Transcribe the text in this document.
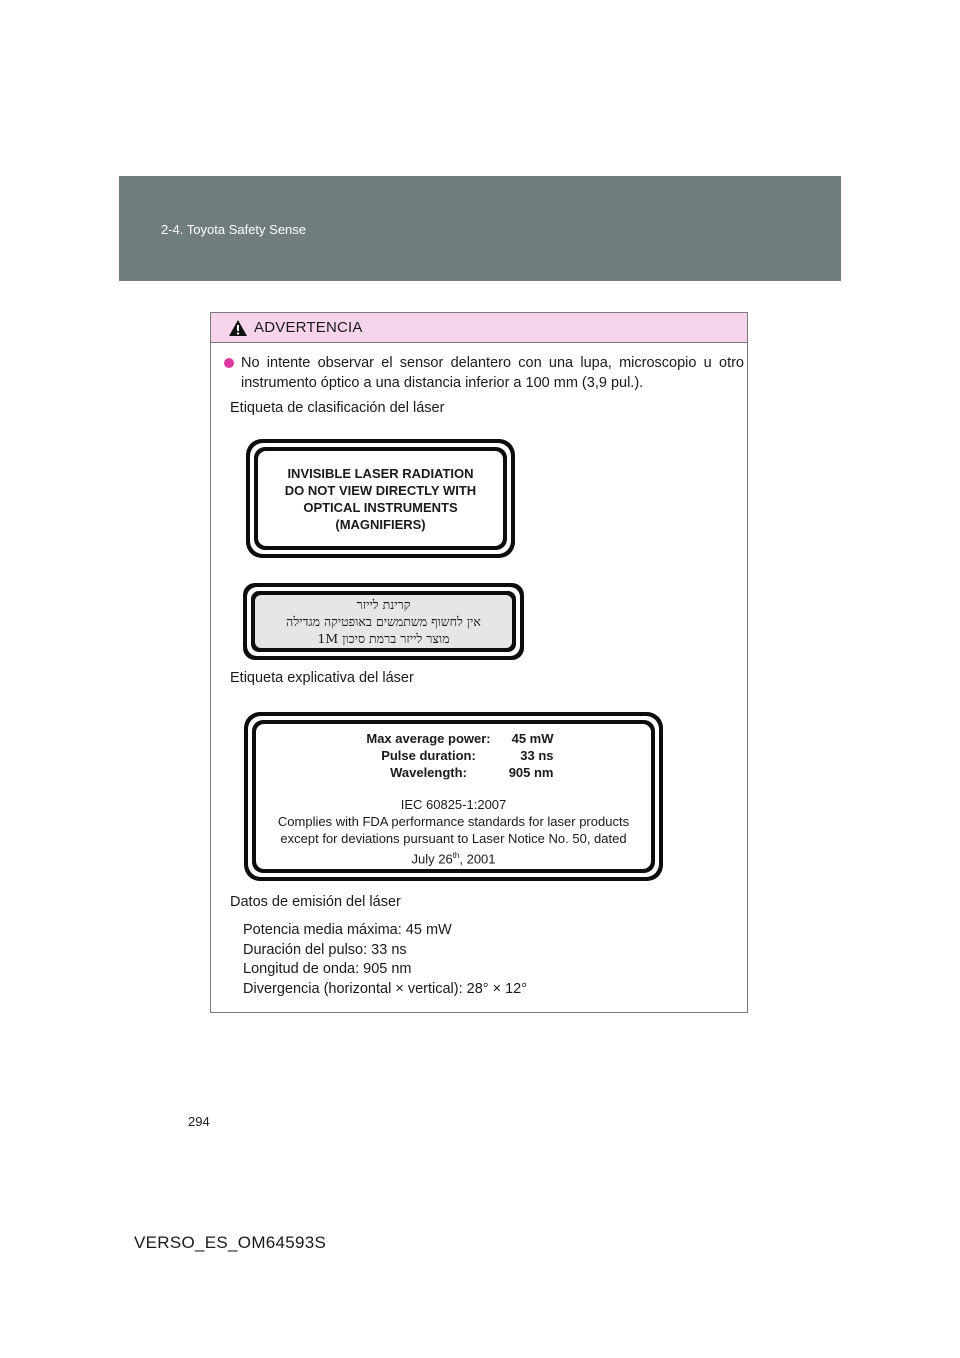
2-4. Toyota Safety Sense
ADVERTENCIA
No intente observar el sensor delantero con una lupa, microscopio u otro instrumento óptico a una distancia inferior a 100 mm (3,9 pul.).
Etiqueta de clasificación del láser
INVISIBLE LASER RADIATION
DO NOT VIEW DIRECTLY WITH
OPTICAL INSTRUMENTS
(MAGNIFIERS)
קרינת לייזר
אין לחשוף משתמשים באופטיקה מגדילה
מוצר לייזר ברמת סיכון 1M
Etiqueta explicativa del láser
Max average power:	45 mW
Pulse duration:	33 ns
Wavelength:	905 nm
IEC 60825-1:2007
Complies with FDA performance standards for laser products
except for deviations pursuant to Laser Notice No. 50, dated
July 26th, 2001
Datos de emisión del láser
Potencia media máxima: 45 mW
Duración del pulso: 33 ns
Longitud de onda: 905 nm
Divergencia (horizontal × vertical): 28° × 12°
294
VERSO_ES_OM64593S
